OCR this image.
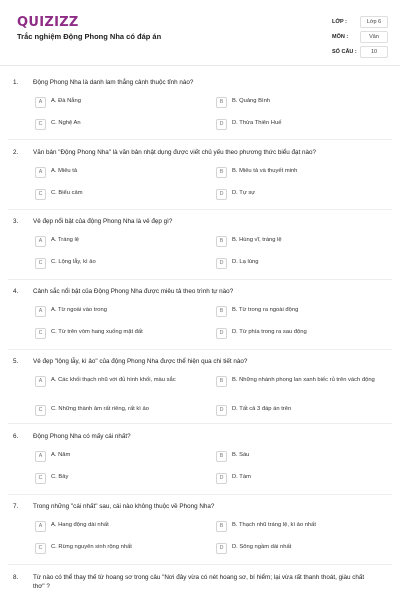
QUIZIZZ
Trắc nghiệm Động Phong Nha có đáp án
LỚP :	Lớp 6
MÔN :	Văn
SỐ CÂU :	10
1. Động Phong Nha là danh lam thắng cảnh thuộc tỉnh nào?
A	A. Đà Nẵng	B	B. Quảng Bình
C	C. Nghệ An	D	D. Thừa Thiên Huế
2. Văn bản "Động Phong Nha" là văn bản nhật dụng được viết chủ yếu theo phương thức biểu đạt nào?
A	A. Miêu tả	B	B. Miêu tả và thuyết minh
C	C. Biểu cảm	D	D. Tự sự
3. Vẻ đẹp nổi bật của động Phong Nha là vẻ đẹp gì?
A	A. Tráng lệ	B	B. Hùng vĩ, tráng lệ
C	C. Lộng lẫy, kì ảo	D	D. Lạ lùng
4. Cảnh sắc nổi bật của Động Phong Nha được miêu tả theo trình tự nào?
A	A. Từ ngoài vào trong	B	B. Từ trong ra ngoài động
C	C. Từ trên vòm hang xuống mặt đất	D	D. Từ phía trong ra sau động
5. Vẻ đẹp "lộng lẫy, kì ảo" của động Phong Nha được thể hiện qua chi tiết nào?
A	A. Các khối thạch nhũ với đủ hình khối, màu sắc	B	B. Những nhánh phong lan xanh biếc rủ trên vách động
C	C. Những thành âm rất riêng, rất kì ảo	D	D. Tất cả 3 đáp án trên
6. Động Phong Nha có mấy cái nhất?
A	A. Năm	B	B. Sáu
C	C. Bảy	D	D. Tám
7. Trong những "cái nhất" sau, cái nào không thuộc về Phong Nha?
A	A. Hang động dài nhất	B	B. Thạch nhũ tráng lệ, kì ảo nhất
C	C. Rừng nguyên sinh rộng nhất	D	D. Sông ngầm dài nhất
8. Từ nào có thể thay thế từ hoang sơ trong câu "Nơi đây vừa có nét hoang sơ, bí hiểm; lại vừa rất thanh thoát, giàu chất thơ" ?
